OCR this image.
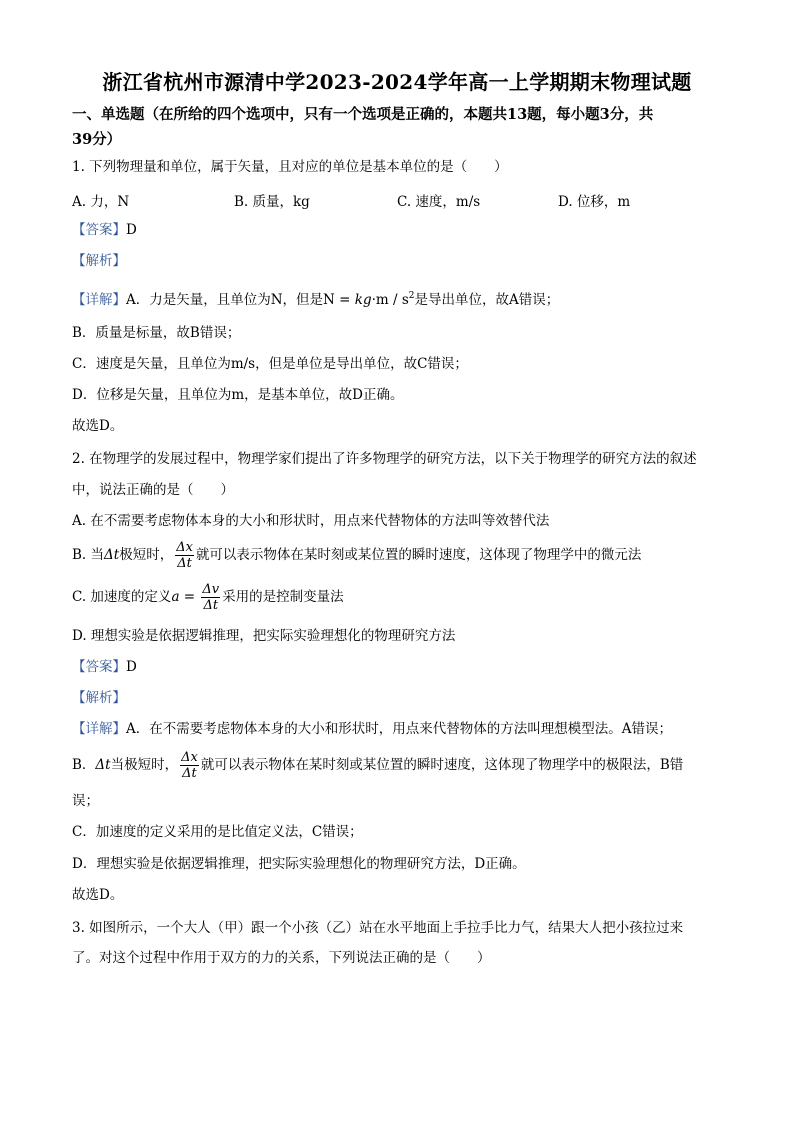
浙江省杭州市源清中学2023-2024学年高一上学期期末物理试题
一、单选题（在所给的四个选项中，只有一个选项是正确的，本题共13题，每小题3分，共
39分）
1. 下列物理量和单位，属于矢量，且对应的单位是基本单位的是（　　）
A. 力，N	B. 质量，kg	C. 速度，m/s	D. 位移，m
【答案】D
【解析】
【详解】A．力是矢量，且单位为N，但是$N = kg\cdot m / s^2$是导出单位，故A错误；
B．质量是标量，故B错误；
C．速度是矢量，且单位为m/s，但是单位是导出单位，故C错误；
D．位移是矢量，且单位为m，是基本单位，故D正确。
故选D。
2. 在物理学的发展过程中，物理学家们提出了许多物理学的研究方法，以下关于物理学的研究方法的叙述
中，说法正确的是（　　）
A. 在不需要考虑物体本身的大小和形状时，用点来代替物体的方法叫等效替代法
B. 当Δt极短时， $\frac{\Delta x}{\Delta t}$ 就可以表示物体在某时刻或某位置的瞬时速度，这体现了物理学中的微元法
C. 加速度的定义$a = \frac{\Delta v}{\Delta t}$ 采用的是控制变量法
D. 理想实验是依据逻辑推理，把实际实验理想化的物理研究方法
【答案】D
【解析】
【详解】A．在不需要考虑物体本身的大小和形状时，用点来代替物体的方法叫理想模型法。A错误；
B．Δt当极短时， $\frac{\Delta x}{\Delta t}$ 就可以表示物体在某时刻或某位置的瞬时速度，这体现了物理学中的极限法，B错
误；
C．加速度的定义采用的是比值定义法，C错误；
D．理想实验是依据逻辑推理，把实际实验理想化的物理研究方法，D正确。
故选D。
3. 如图所示，一个大人（甲）跟一个小孩（乙）站在水平地面上手拉手比力气，结果大人把小孩拉过来
了。对这个过程中作用于双方的力的关系，下列说法正确的是（　　）
